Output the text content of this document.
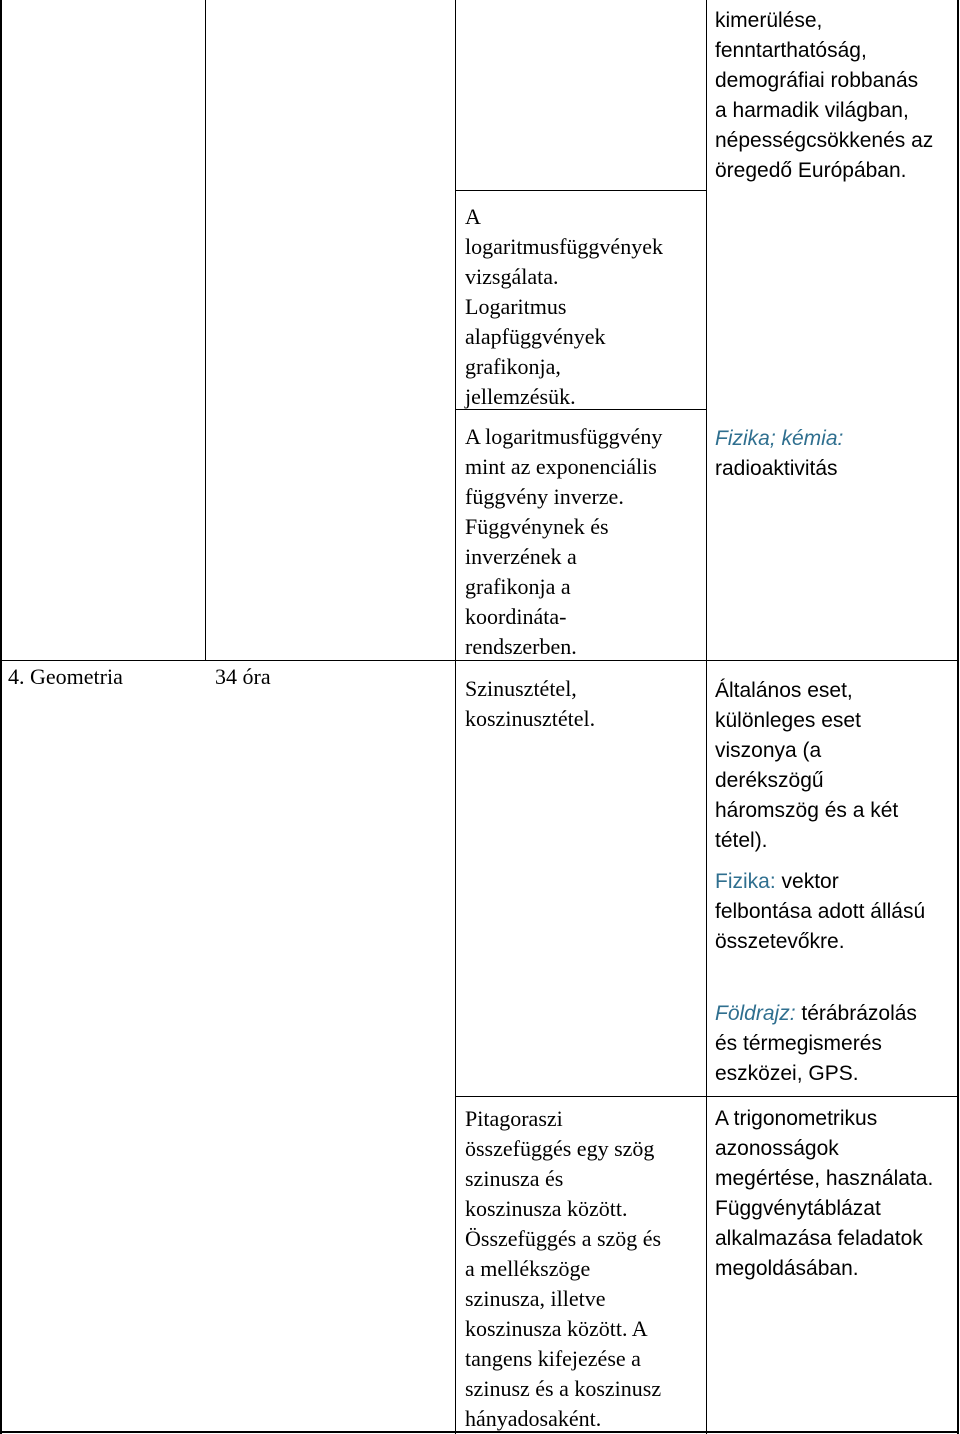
4. Geometria	34 óra

A
logaritmusfüggvények
vizsgálata.
Logaritmus
alapfüggvények
grafikonja,
jellemzésük.

A logaritmusfüggvény
mint az exponenciális
függvény inverze.
Függvénynek és
inverzének a
grafikonja a
koordináta-
rendszerben.

Szinusztétel,
koszinusztétel.

Pitagoraszi
összefüggés egy szög
szinusza és
koszinusza között.
Összefüggés a szög és
a mellékszöge
szinusza, illetve
koszinusza között. A
tangens kifejezése a
szinusz és a koszinusz
hányadosaként.

kimerülése,
fenntarthatóság,
demográfiai robbanás
a harmadik világban,
népességcsökkenés az
öregedő Európában.

Fizika; kémia:
radioaktivitás

Általános eset,
különleges eset
viszonya (a
derékszögű
háromszög és a két
tétel).

Fizika: vektor
felbontása adott állású
összetevőkre.

Földrajz: térábrázolás
és térmegismerés
eszközei, GPS.

A trigonometrikus
azonosságok
megértése, használata.
Függvénytáblázat
alkalmazása feladatok
megoldásában.
